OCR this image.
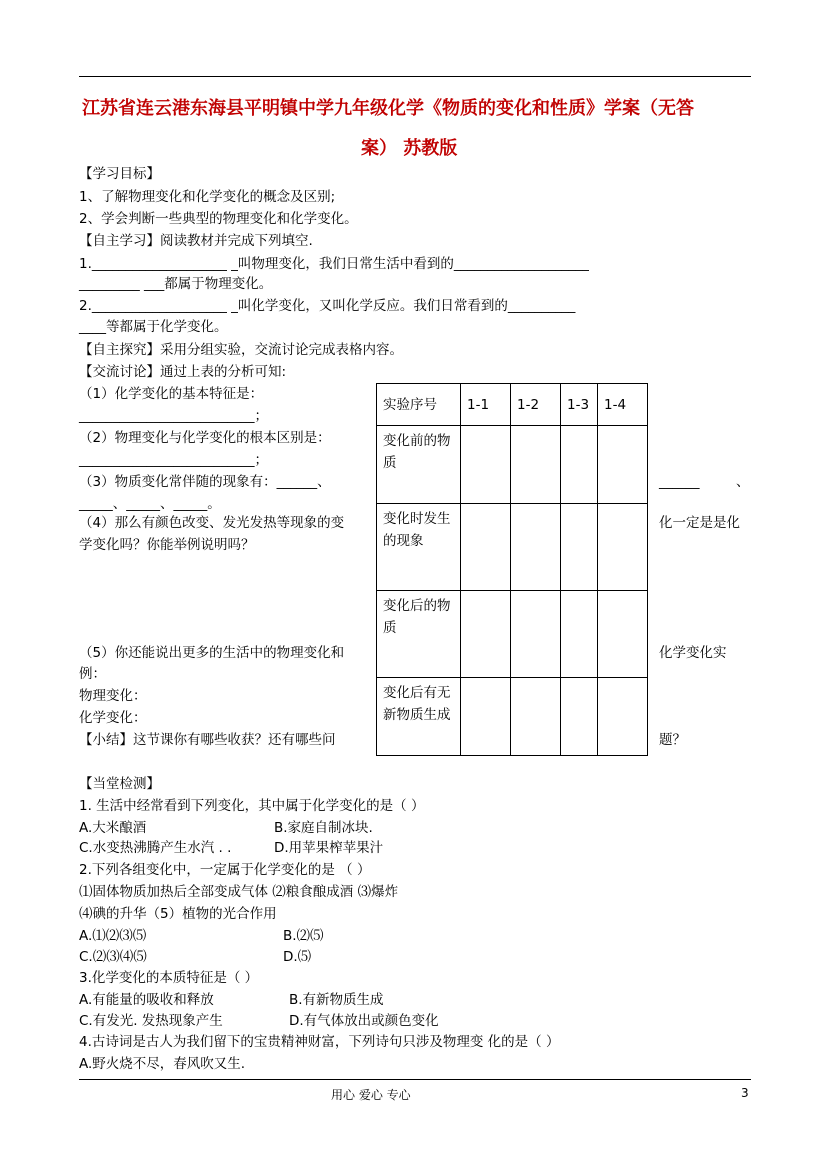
江苏省连云港东海县平明镇中学九年级化学《物质的变化和性质》学案（无答
案） 苏教版
【学习目标】
1、了解物理变化和化学变化的概念及区别;
2、学会判断一些典型的物理变化和化学变化。
【自主学习】阅读教材并完成下列填空.
1.____________________ _叫物理变化，我们日常生活中看到的____________________
_________ ___都属于物理变化。
2.____________________ _叫化学变化，又叫化学反应。我们日常看到的__________
____等都属于化学变化。
【自主探究】采用分组实验，交流讨论完成表格内容。
【交流讨论】通过上表的分析可知:
（1）化学变化的基本特征是：
__________________________；
（2）物理变化与化学变化的根本区别是：
__________________________；
（3）物质变化常伴随的现象有：______、
_____、_____、_____。
______	、
（4）那么有颜色改变、发光发热等现象的变
学变化吗？你能举例说明吗？
化一定是是化
（5）你还能说出更多的生活中的物理变化和
例：
化学变化实
物理变化：
化学变化：
【小结】这节课你有哪些收获？还有哪些问	题？
实验序号	1-1	1-2	1-3	1-4
变化前的物质				
变化时发生的现象				
变化后的物质				
变化后有无新物质生成				
【当堂检测】
1. 生活中经常看到下列变化，其中属于化学变化的是（ ）
A.大米酿酒	B.家庭自制冰块.
C.水变热沸腾产生水汽 . .	D.用苹果榨苹果汁
2.下列各组变化中，一定属于化学变化的是 （ ）
⑴固体物质加热后全部变成气体 ⑵粮食酿成酒 ⑶爆炸
⑷碘的升华（5）植物的光合作用
A.⑴⑵⑶⑸	B.⑵⑸
C.⑵⑶⑷⑸	D.⑸
3.化学变化的本质特征是（ ）
A.有能量的吸收和释放	B.有新物质生成
C.有发光. 发热现象产生	D.有气体放出或颜色变化
4.古诗词是古人为我们留下的宝贵精神财富，下列诗句只涉及物理变 化的是（ ）
A.野火烧不尽，春风吹又生.
用心 爱心 专心	3
